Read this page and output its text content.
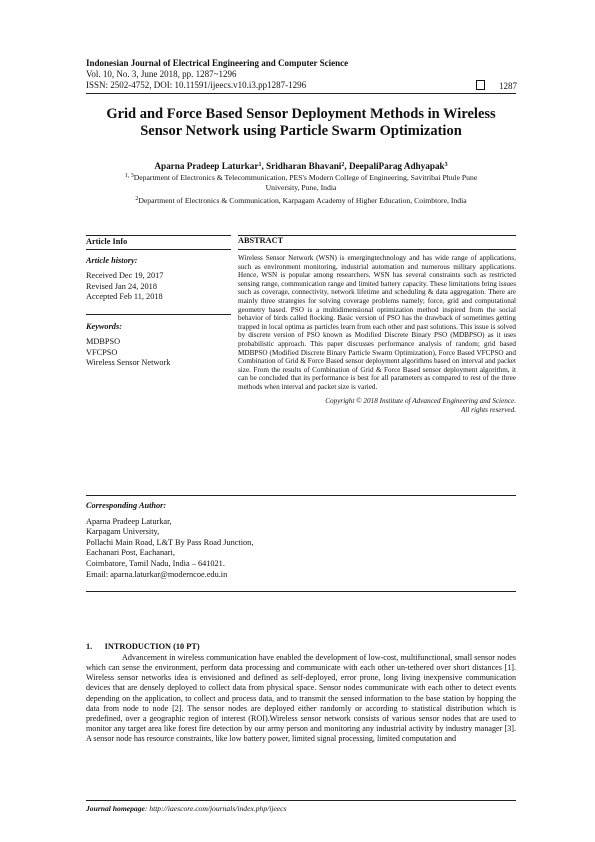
Indonesian Journal of Electrical Engineering and Computer Science
Vol. 10, No. 3, June 2018, pp. 1287~1296
ISSN: 2502-4752, DOI: 10.11591/ijeecs.v10.i3.pp1287-1296	1287
Grid and Force Based Sensor Deployment Methods in Wireless Sensor Network using Particle Swarm Optimization
Aparna Pradeep Laturkar$^1$, Sridharan Bhavani$^2$, DeepaliParag Adhyapak$^3$
$^{1, 3}$Department of Electronics & Telecommunication, PES's Modern College of Engineering, Savitribai Phule Pune
University, Pune, India
$^2$Department of Electronics & Communication, Karpagam Academy of Higher Education, Coimbtore, India
Article Info	ABSTRACT
Article history:
Received Dec 19, 2017
Revised Jan 24, 2018
Accepted Feb 11, 2018
Keywords:
MDBPSO
VFCPSO
Wireless Sensor Network
Wireless Sensor Network (WSN) is emergingtechnology and has wide range of applications, such as environment monitoring, industrial automation and numerous military applications. Hence, WSN is popular among researchers. WSN has several constraints such as restricted sensing range, communication range and limited battery capacity. These limitations bring issues such as coverage, connectivity, network lifetime and scheduling & data aggregation. There are mainly three strategies for solving coverage problems namely; force, grid and computational geometry based. PSO is a multidimensional optimization method inspired from the social behavior of birds called flocking. Basic version of PSO has the drawback of sometimes getting trapped in local optima as particles learn from each other and past solutions. This issue is solved by discrete version of PSO known as Modified Discrete Binary PSO (MDBPSO) as it uses probabilistic approach. This paper discusses performance analysis of random; grid based MDBPSO (Modified Discrete Binary Particle Swarm Optimization), Force Based VFCPSO and Combination of Grid & Force Based sensor deployment algorithms based on interval and packet size. From the results of Combination of Grid & Force Based sensor deployment algorithm, it can be concluded that its performance is best for all parameters as compared to rest of the three methods when interval and packet size is varied.
Copyright © 2018 Institute of Advanced Engineering and Science.
All rights reserved.
Corresponding Author:
Aparna Pradeep Laturkar,
Karpagam University,
Pollachi Main Road, L&T By Pass Road Junction,
Eachanari Post, Eachanari,
Coimbatore, Tamil Nadu, India – 641021.
Email: aparna.laturkar@moderncoe.edu.in
1.      INTRODUCTION (10 PT)
Advancement in wireless communication have enabled the development of low-cost, multifunctional, small sensor nodes which can sense the environment, perform data processing and communicate with each other un-tethered over short distances [1]. Wireless sensor networks idea is envisioned and defined as self-deployed, error prone, long living inexpensive communication devices that are densely deployed to collect data from physical space. Sensor nodes communicate with each other to detect events depending on the application, to collect and process data, and to transmit the sensed information to the base station by hopping the data from node to node [2]. The sensor nodes are deployed either randomly or according to statistical distribution which is predefined, over a geographic region of interest (ROI).Wireless sensor network consists of various sensor nodes that are used to monitor any target area like forest fire detection by our army person and monitoring any industrial activity by industry manager [3]. A sensor node has resource constraints, like low battery power, limited signal processing, limited computation and
Journal homepage: http://iaescore.com/journals/index.php/ijeecs
